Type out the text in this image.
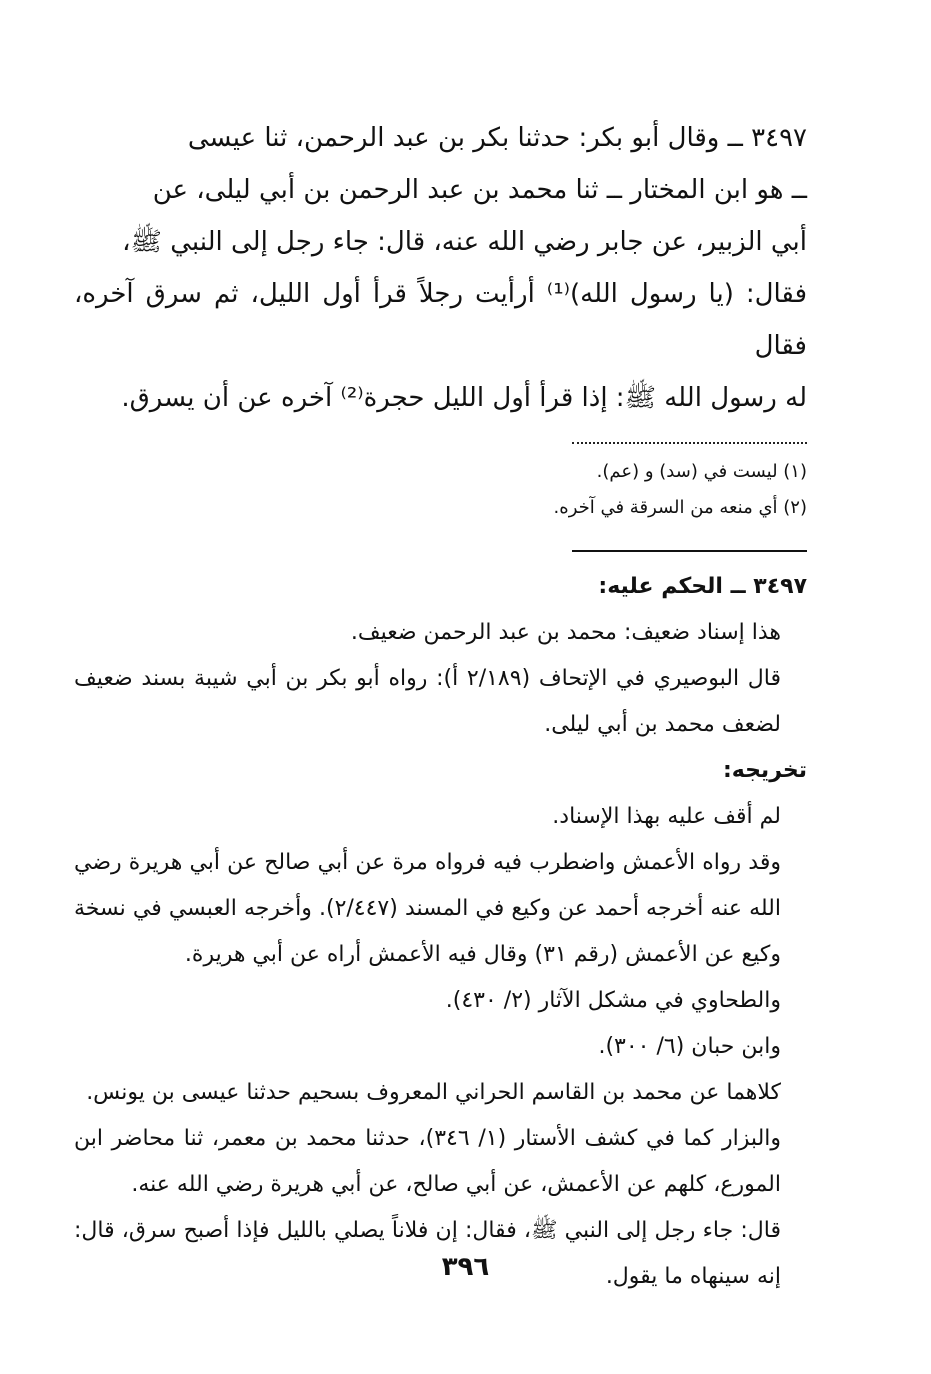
٣٤٩٧ ــ وقال أبو بكر: حدثنا بكر بن عبد الرحمن، ثنا عيسى

ــ هو ابن المختار ــ ثنا محمد بن عبد الرحمن بن أبي ليلى، عن

أبي الزبير، عن جابر رضي الله عنه، قال: جاء رجل إلى النبي ﷺ،

فقال: (يا رسول الله)⁽¹⁾ أرأيت رجلاً قرأ أول الليل، ثم سرق آخره، فقال

له رسول الله ﷺ: إذا قرأ أول الليل حجرة⁽²⁾ آخره عن أن يسرق.

(١) ليست في (سد) و (عم).
(٢) أي منعه من السرقة في آخره.

٣٤٩٧ ــ الحكم عليه:

هذا إسناد ضعيف: محمد بن عبد الرحمن ضعيف.

قال البوصيري في الإتحاف (٢/١٨٩ أ): رواه أبو بكر بن أبي شيبة بسند ضعيف لضعف محمد بن أبي ليلى.

تخريجه:

لم أقف عليه بهذا الإسناد.

وقد رواه الأعمش واضطرب فيه فرواه مرة عن أبي صالح عن أبي هريرة رضي الله عنه أخرجه أحمد عن وكيع في المسند (٢/٤٤٧). وأخرجه العبسي في نسخة وكيع عن الأعمش (رقم ٣١) وقال فيه الأعمش أراه عن أبي هريرة.

والطحاوي في مشكل الآثار (٢/ ٤٣٠).

وابن حبان (٦/ ٣٠٠).

كلاهما عن محمد بن القاسم الحراني المعروف بسحيم حدثنا عيسى بن يونس.

والبزار كما في كشف الأستار (١/ ٣٤٦)، حدثنا محمد بن معمر، ثنا محاضر ابن المورع، كلهم عن الأعمش، عن أبي صالح، عن أبي هريرة رضي الله عنه.

قال: جاء رجل إلى النبي ﷺ، فقال: إن فلاناً يصلي بالليل فإذا أصبح سرق، قال: إنه سينهاه ما يقول.

٣٩٦
